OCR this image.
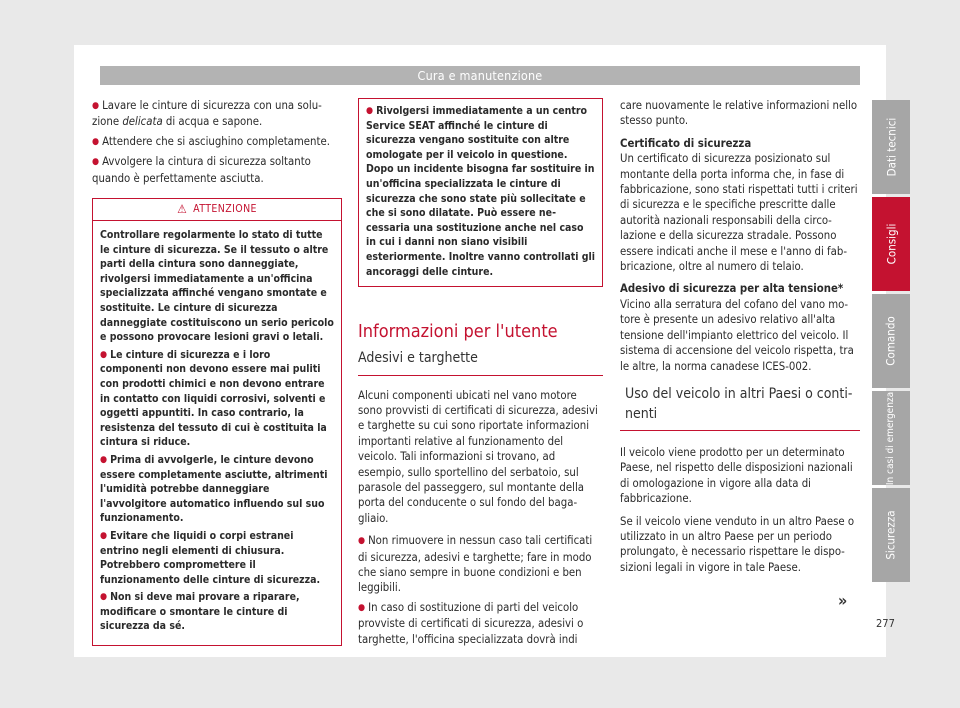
Cura e manutenzione
● Lavare le cinture di sicurezza con una soluzione delicata di acqua e sapone.
● Attendere che si asciughino completamente.
● Avvolgere la cintura di sicurezza soltanto quando è perfettamente asciutta.
⚠ ATTENZIONE
Controllare regolarmente lo stato di tutte le cinture di sicurezza. Se il tessuto o altre parti della cintura sono danneggiate, rivolgersi immediatamente a un'officina specializzata affinché vengano smontate e sostituite. Le cinture di sicurezza danneggiate costituiscono un serio pericolo e possono provocare lesioni gravi o letali.
● Le cinture di sicurezza e i loro componenti non devono essere mai puliti con prodotti chimici e non devono entrare in contatto con liquidi corrosivi, solventi e oggetti appuntiti. In caso contrario, la resistenza del tessuto di cui è costituita la cintura si riduce.
● Prima di avvolgerle, le cinture devono essere completamente asciutte, altrimenti l'umidità potrebbe danneggiare l'avvolgitore automatico influendo sul suo funzionamento.
● Evitare che liquidi o corpi estranei entrino negli elementi di chiusura. Potrebbero compromettere il funzionamento delle cinture di sicurezza.
● Non si deve mai provare a riparare, modificare o smontare le cinture di sicurezza da sé.
● Rivolgersi immediatamente a un centro Service SEAT affinché le cinture di sicurezza vengano sostituite con altre omologate per il veicolo in questione. Dopo un incidente bisogna far sostituire in un'officina specializzata le cinture di sicurezza che sono state più sollecitate e che si sono dilatate. Può essere necessaria una sostituzione anche nel caso in cui i danni non siano visibili esteriormente. Inoltre vanno controllati gli ancoraggi delle cinture.
Informazioni per l'utente
Adesivi e targhette

Alcuni componenti ubicati nel vano motore sono provvisti di certificati di sicurezza, adesivi e targhette su cui sono riportate informazioni importanti relative al funzionamento del veicolo. Tali informazioni si trovano, ad esempio, sullo sportellino del serbatoio, sul parasole del passeggero, sul montante della porta del conducente o sul fondo del bagagliaio.

● Non rimuovere in nessun caso tali certificati di sicurezza, adesivi e targhette; fare in modo che siano sempre in buone condizioni e ben leggibili.
● In caso di sostituzione di parti del veicolo provviste di certificati di sicurezza, adesivi o targhette, l'officina specializzata dovrà indi

care nuovamente le relative informazioni nello stesso punto.

Certificato di sicurezza

Un certificato di sicurezza posizionato sul montante della porta informa che, in fase di fabbricazione, sono stati rispettati tutti i criteri di sicurezza e le specifiche prescritte dalle autorità nazionali responsabili della circolazione e della sicurezza stradale. Possono essere indicati anche il mese e l'anno di fabbricazione, oltre al numero di telaio.

Adesivo di sicurezza per alta tensione*

Vicino alla serratura del cofano del vano motore è presente un adesivo relativo all'alta tensione dell'impianto elettrico del veicolo. Il sistema di accensione del veicolo rispetta, tra le altre, la norma canadese ICES-002.

Uso del veicolo in altri Paesi o continenti

Il veicolo viene prodotto per un determinato Paese, nel rispetto delle disposizioni nazionali di omologazione in vigore alla data di fabbricazione.

Se il veicolo viene venduto in un altro Paese o utilizzato in un altro Paese per un periodo prolungato, è necessario rispettare le disposizioni legali in vigore in tale Paese.

Dati tecnici
Consigli
Comando
In casi di emergenza
Sicurezza
»
277
